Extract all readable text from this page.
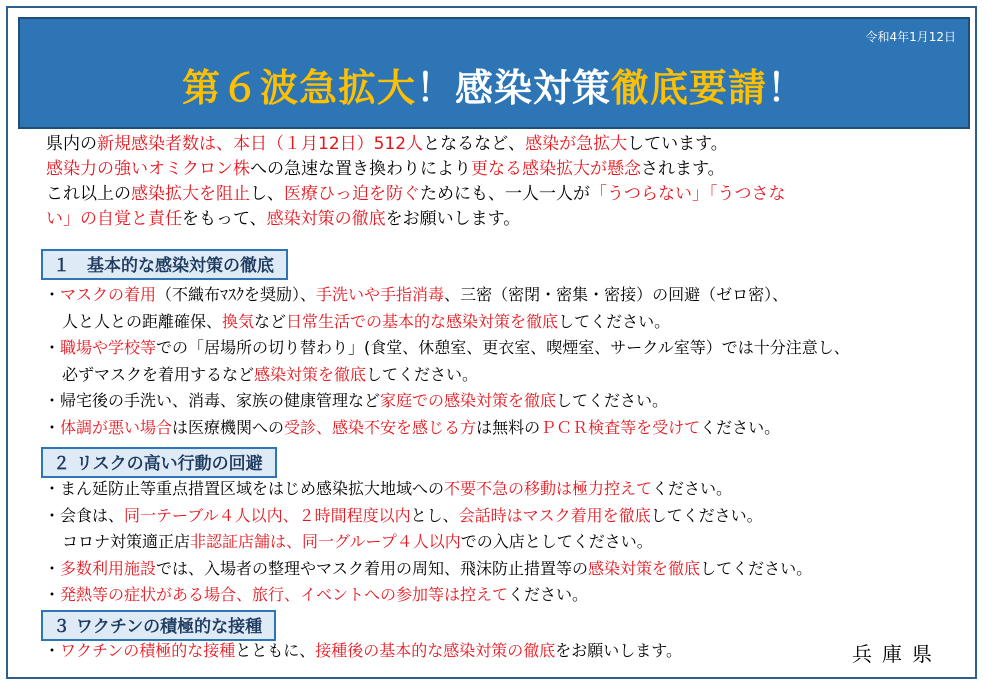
令和4年1月12日
第６波急拡大！感染対策徹底要請！

県内の新規感染者数は、本日（１月12日）512人となるなど、感染が急拡大しています。

感染力の強いオミクロン株への急速な置き換わりにより更なる感染拡大が懸念されます。

これ以上の感染拡大を阻止し、医療ひっ迫を防ぐためにも、一人一人が「うつらない」「うつさな

い」の自覚と責任をもって、感染対策の徹底をお願いします。

１　基本的な感染対策の徹底

・マスクの着用（不織布ﾏｽｸを奨励）、手洗いや手指消毒、三密（密閉・密集・密接）の回避（ゼロ密）、

人と人との距離確保、換気など日常生活での基本的な感染対策を徹底してください。

・職場や学校等での「居場所の切り替わり」(食堂、休憩室、更衣室、喫煙室、サークル室等）では十分注意し、

必ずマスクを着用するなど感染対策を徹底してください。

・帰宅後の手洗い、消毒、家族の健康管理など家庭での感染対策を徹底してください。

・体調が悪い場合は医療機関への受診、感染不安を感じる方は無料のＰＣＲ検査等を受けてください。

２ リスクの高い行動の回避

・まん延防止等重点措置区域をはじめ感染拡大地域への不要不急の移動は極力控えてください。

・会食は、同一テーブル４人以内、２時間程度以内とし、会話時はマスク着用を徹底してください。

コロナ対策適正店非認証店舗は、同一グループ４人以内での入店としてください。

・多数利用施設では、入場者の整理やマスク着用の周知、飛沫防止措置等の感染対策を徹底してください。

・発熱等の症状がある場合、旅行、イベントへの参加等は控えてください。

３ ワクチンの積極的な接種

・ワクチンの積極的な接種とともに、接種後の基本的な感染対策の徹底をお願いします。	兵庫県
